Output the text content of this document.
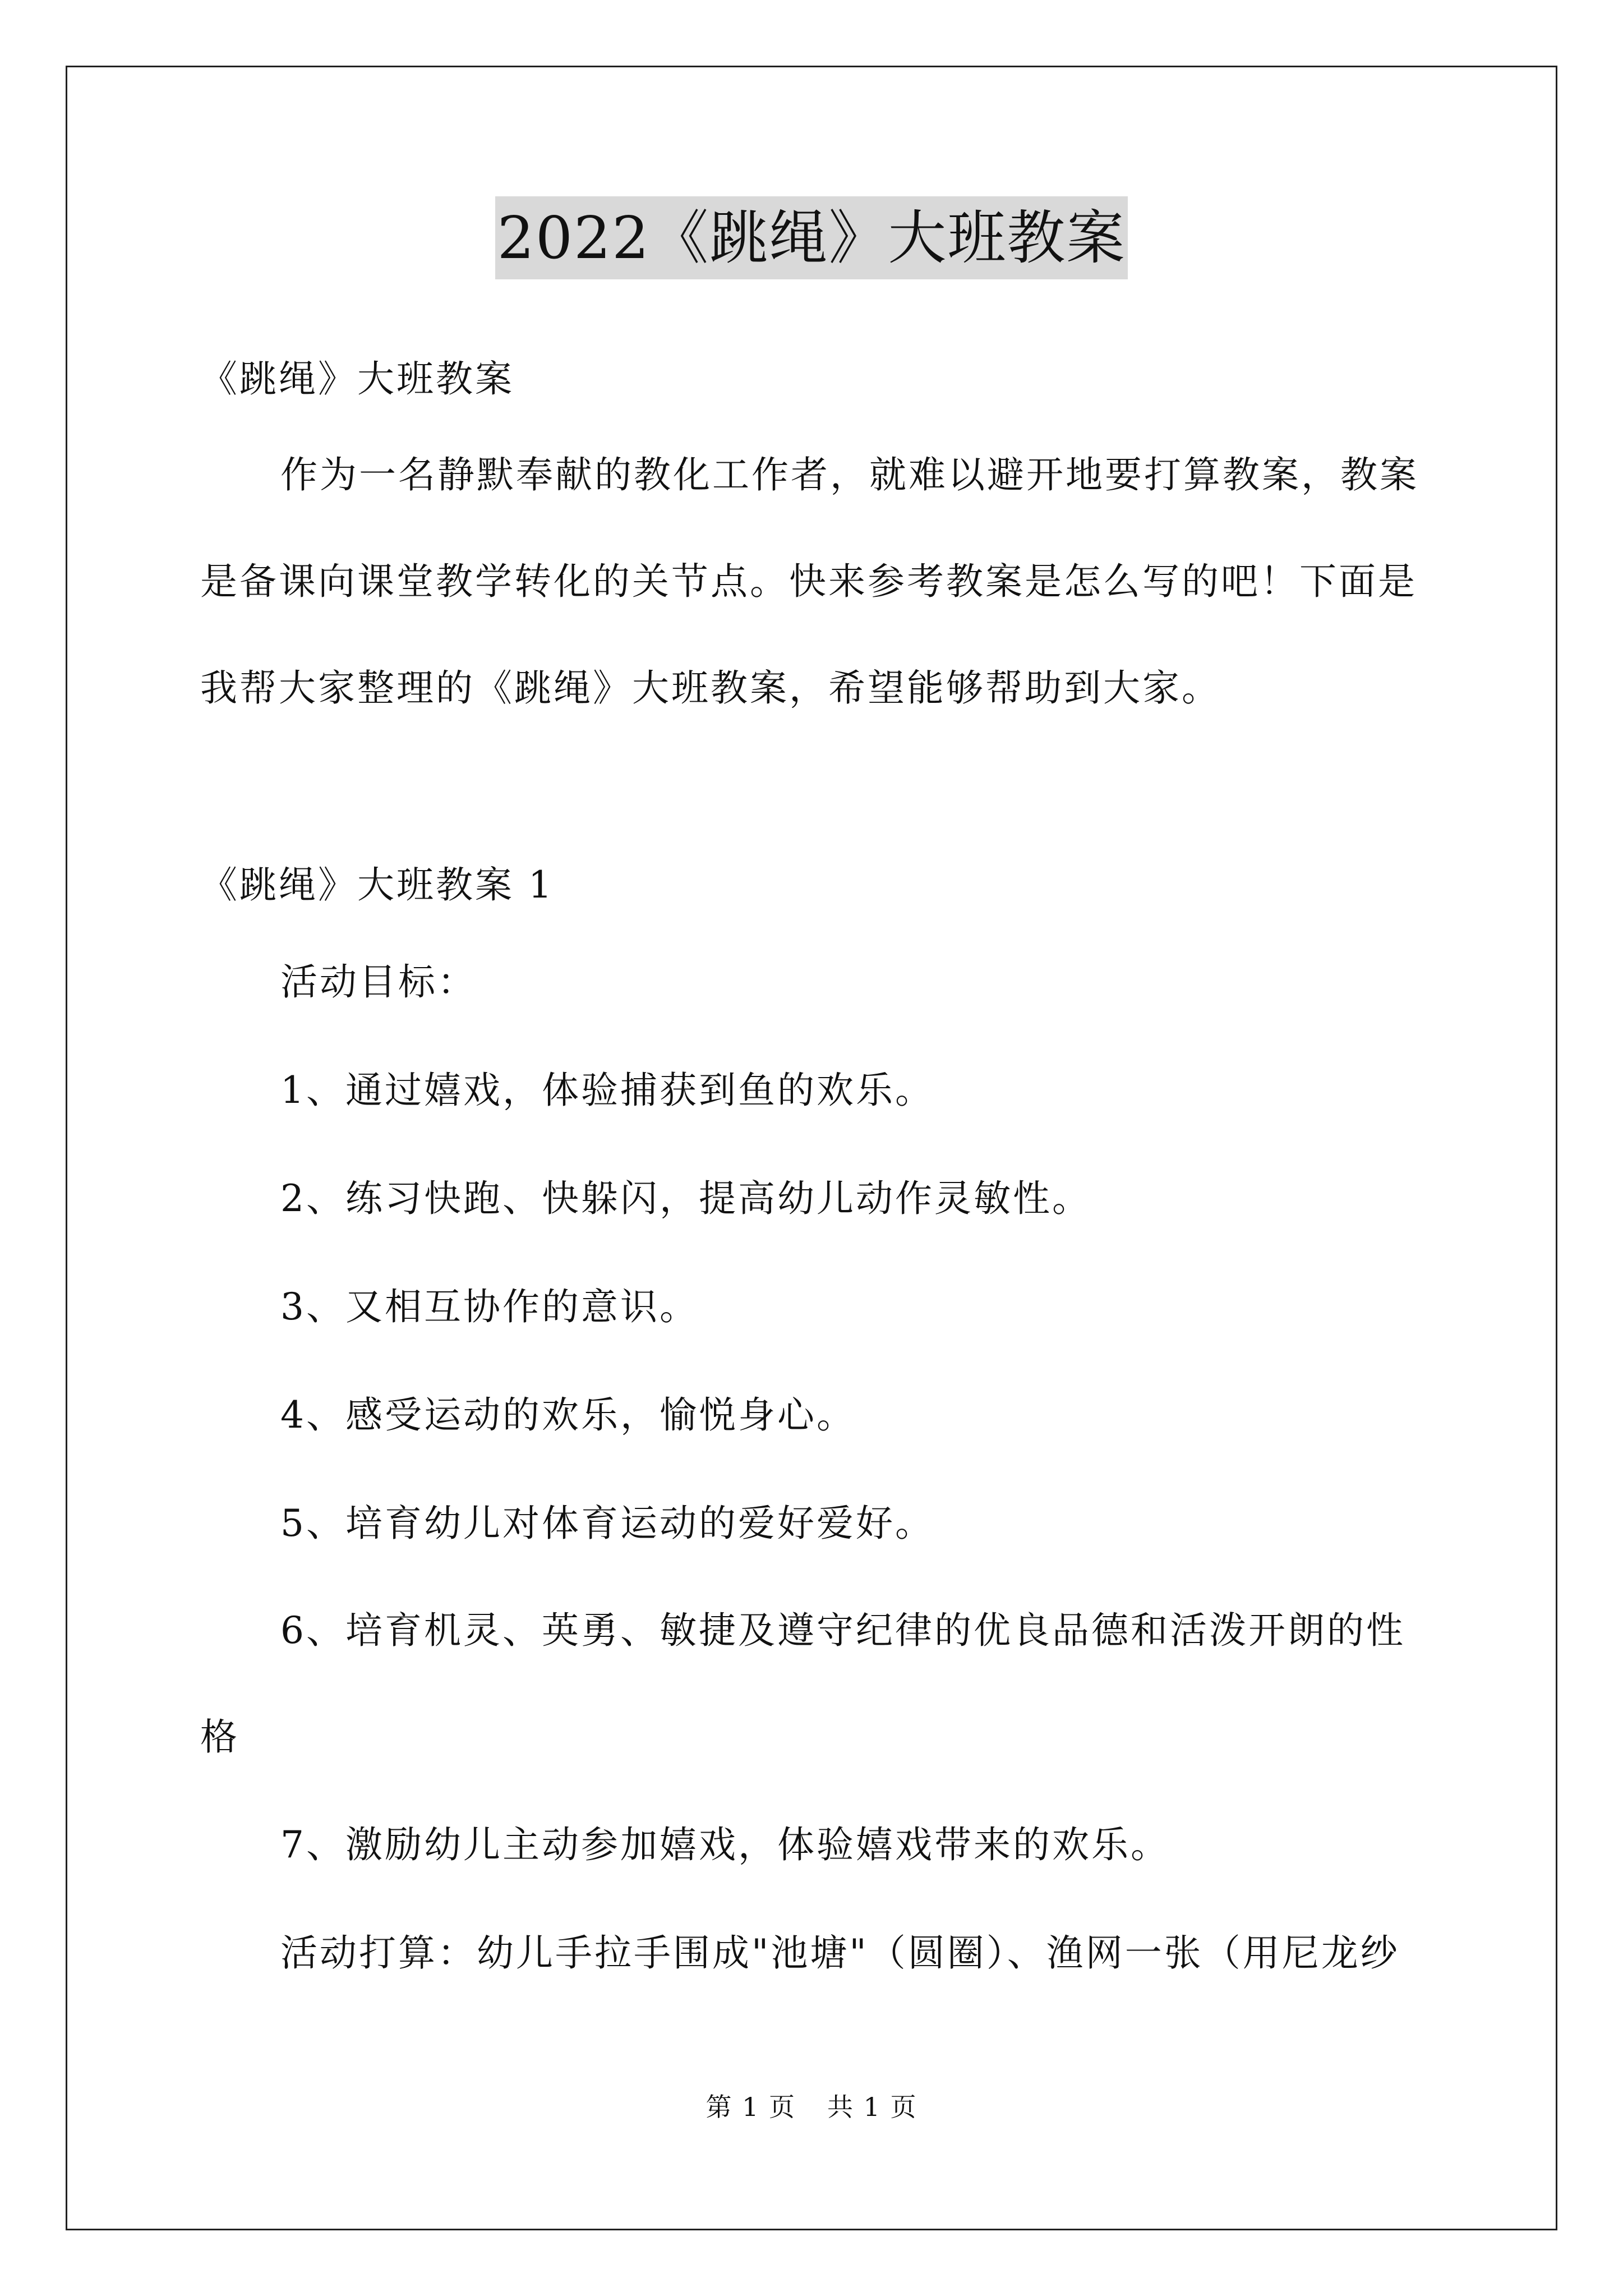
2022《跳绳》大班教案
《跳绳》大班教案
作为一名静默奉献的教化工作者，就难以避开地要打算教案，教案是备课向课堂教学转化的关节点。快来参考教案是怎么写的吧！下面是我帮大家整理的《跳绳》大班教案，希望能够帮助到大家。
《跳绳》大班教案 1
活动目标：
1、通过嬉戏，体验捕获到鱼的欢乐。
2、练习快跑、快躲闪，提高幼儿动作灵敏性。
3、又相互协作的意识。
4、感受运动的欢乐，愉悦身心。
5、培育幼儿对体育运动的爱好爱好。
6、培育机灵、英勇、敏捷及遵守纪律的优良品德和活泼开朗的性格
7、激励幼儿主动参加嬉戏，体验嬉戏带来的欢乐。
活动打算：幼儿手拉手围成"池塘"（圆圈）、渔网一张（用尼龙纱
第 1 页 共 1 页
